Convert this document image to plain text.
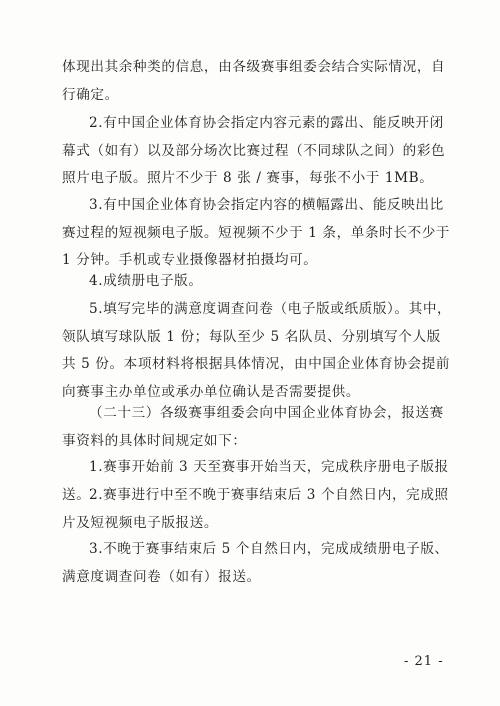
体现出其余种类的信息，由各级赛事组委会结合实际情况，自行确定。

2.有中国企业体育协会指定内容元素的露出、能反映开闭幕式（如有）以及部分场次比赛过程（不同球队之间）的彩色照片电子版。照片不少于 8 张 / 赛事，每张不小于 1MB。

3.有中国企业体育协会指定内容的横幅露出、能反映出比赛过程的短视频电子版。短视频不少于 1 条，单条时长不少于 1 分钟。手机或专业摄像器材拍摄均可。

4.成绩册电子版。

5.填写完毕的满意度调查问卷（电子版或纸质版）。其中，领队填写球队版 1 份；每队至少 5 名队员、分别填写个人版共 5 份。本项材料将根据具体情况，由中国企业体育协会提前向赛事主办单位或承办单位确认是否需要提供。

（二十三）各级赛事组委会向中国企业体育协会，报送赛事资料的具体时间规定如下：

1.赛事开始前 3 天至赛事开始当天，完成秩序册电子版报送。

2.赛事进行中至不晚于赛事结束后 3 个自然日内，完成照片及短视频电子版报送。

3.不晚于赛事结束后 5 个自然日内，完成成绩册电子版、满意度调查问卷（如有）报送。

- 21 -
